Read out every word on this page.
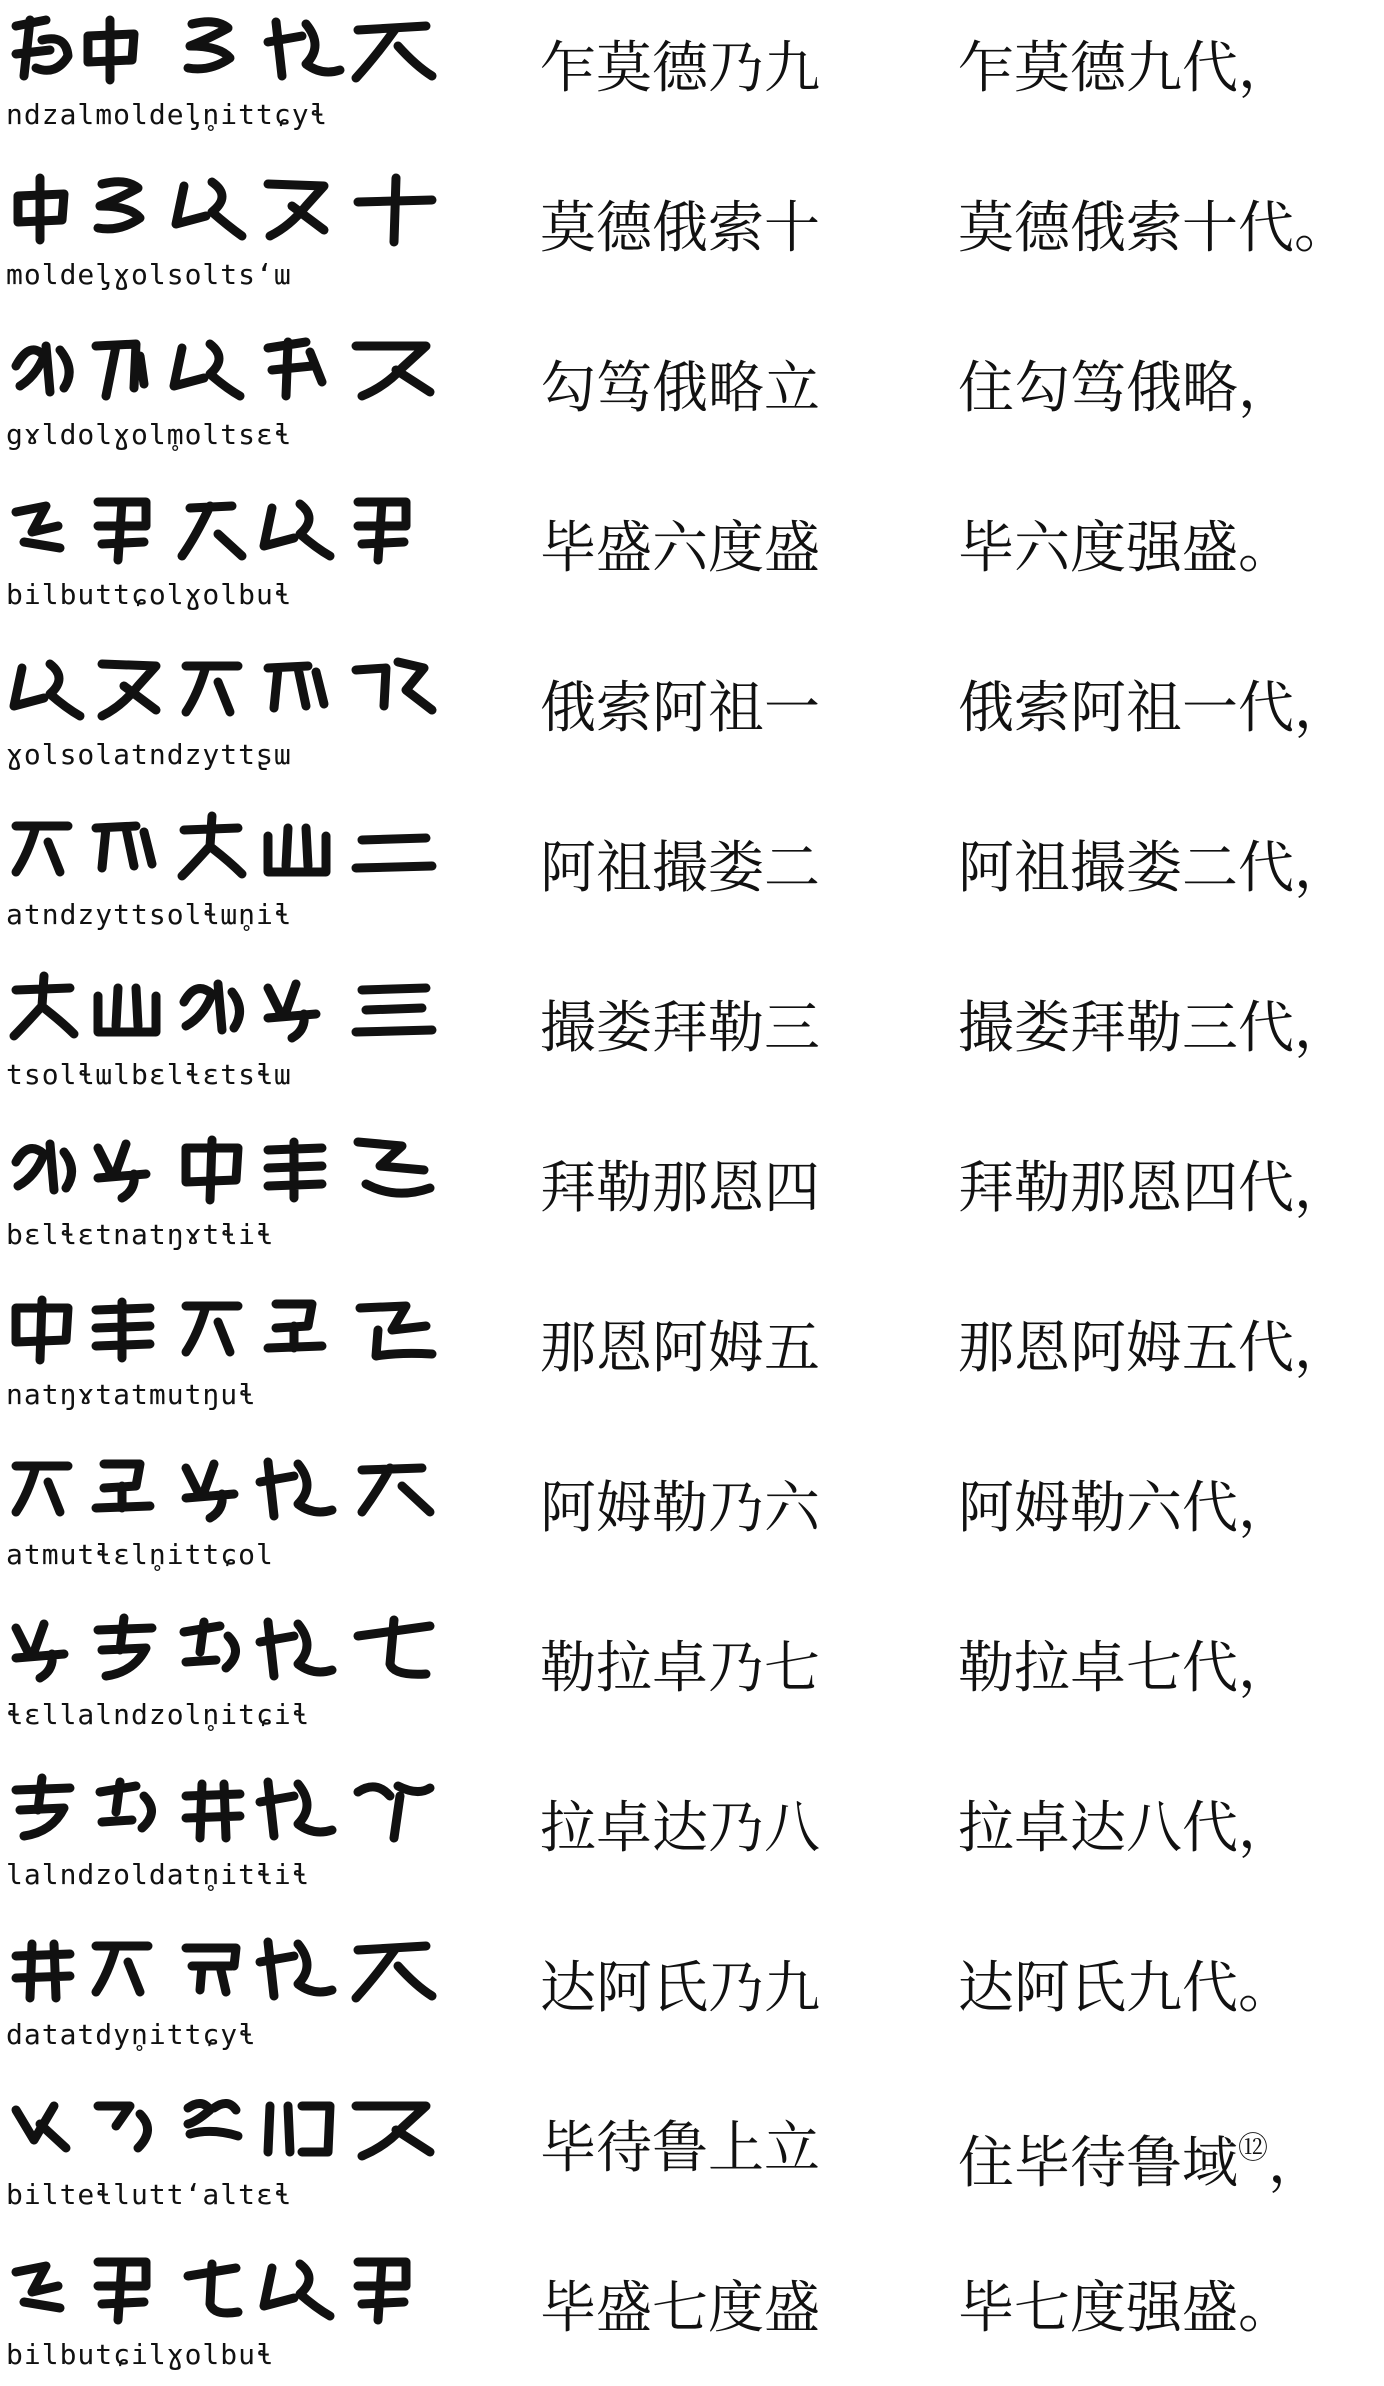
ndzalmoldeᶅn̥ittɕyɬ
乍莫德乃九 乍莫德九代，
moldeᶅɣolsolts‘ɯ
莫德俄索十 莫德俄索十代。
gɤldolɣolm̥oltsɛɬ
勾笃俄略立 住勾笃俄略，
bilbuttɕolɣolbuɬ
毕盛六度盛 毕六度强盛。
ɣolsolatndzyttʂɯ
俄索阿祖一 俄索阿祖一代，
atndzyttsolɬɯn̥iɬ
阿祖撮娄二 阿祖撮娄二代，
tsolɬɯlbɛlɬɛtsɬɯ
撮娄拜勒三 撮娄拜勒三代，
bɛlɬɛtnatŋɤtɬiɬ
拜勒那恩四 拜勒那恩四代，
natŋɤtatmutŋuɬ
那恩阿姆五 那恩阿姆五代，
atmutɬɛln̥ittɕol
阿姆勒乃六 阿姆勒六代，
ɬɛllalndzoln̥itɕiɬ
勒拉卓乃七 勒拉卓七代，
lalndzoldatn̥itɬiɬ
拉卓达乃八 拉卓达八代，
datatdyn̥ittɕyɬ
达阿氏乃九 达阿氏九代。
bilteɬlutt‘altɛɬ
毕待鲁上立 住毕待鲁域⑫，
bilbutɕilɣolbuɬ
毕盛七度盛 毕七度强盛。
